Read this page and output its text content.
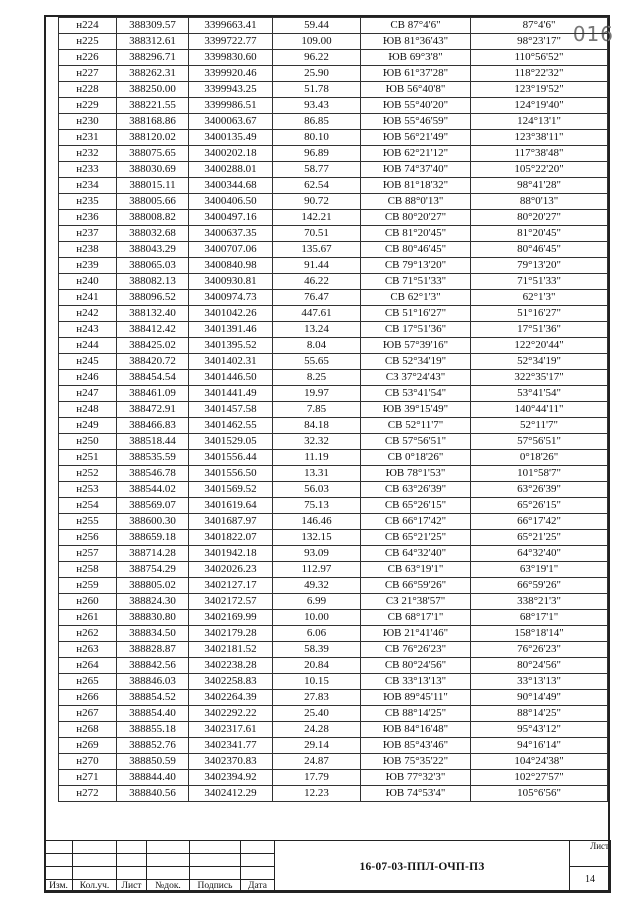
016
н224	388309.57	3399663.41	59.44	СВ 87°4'6"	87°4'6"
н225	388312.61	3399722.77	109.00	ЮВ 81°36'43"	98°23'17"
н226	388296.71	3399830.60	96.22	ЮВ 69°3'8"	110°56'52"
н227	388262.31	3399920.46	25.90	ЮВ 61°37'28"	118°22'32"
н228	388250.00	3399943.25	51.78	ЮВ 56°40'8"	123°19'52"
н229	388221.55	3399986.51	93.43	ЮВ 55°40'20"	124°19'40"
н230	388168.86	3400063.67	86.85	ЮВ 55°46'59"	124°13'1"
н231	388120.02	3400135.49	80.10	ЮВ 56°21'49"	123°38'11"
н232	388075.65	3400202.18	96.89	ЮВ 62°21'12"	117°38'48"
н233	388030.69	3400288.01	58.77	ЮВ 74°37'40"	105°22'20"
н234	388015.11	3400344.68	62.54	ЮВ 81°18'32"	98°41'28"
н235	388005.66	3400406.50	90.72	СВ 88°0'13"	88°0'13"
н236	388008.82	3400497.16	142.21	СВ 80°20'27"	80°20'27"
н237	388032.68	3400637.35	70.51	СВ 81°20'45"	81°20'45"
н238	388043.29	3400707.06	135.67	СВ 80°46'45"	80°46'45"
н239	388065.03	3400840.98	91.44	СВ 79°13'20"	79°13'20"
н240	388082.13	3400930.81	46.22	СВ 71°51'33"	71°51'33"
н241	388096.52	3400974.73	76.47	СВ 62°1'3"	62°1'3"
н242	388132.40	3401042.26	447.61	СВ 51°16'27"	51°16'27"
н243	388412.42	3401391.46	13.24	СВ 17°51'36"	17°51'36"
н244	388425.02	3401395.52	8.04	ЮВ 57°39'16"	122°20'44"
н245	388420.72	3401402.31	55.65	СВ 52°34'19"	52°34'19"
н246	388454.54	3401446.50	8.25	СЗ 37°24'43"	322°35'17"
н247	388461.09	3401441.49	19.97	СВ 53°41'54"	53°41'54"
н248	388472.91	3401457.58	7.85	ЮВ 39°15'49"	140°44'11"
н249	388466.83	3401462.55	84.18	СВ 52°11'7"	52°11'7"
н250	388518.44	3401529.05	32.32	СВ 57°56'51"	57°56'51"
н251	388535.59	3401556.44	11.19	СВ 0°18'26"	0°18'26"
н252	388546.78	3401556.50	13.31	ЮВ 78°1'53"	101°58'7"
н253	388544.02	3401569.52	56.03	СВ 63°26'39"	63°26'39"
н254	388569.07	3401619.64	75.13	СВ 65°26'15"	65°26'15"
н255	388600.30	3401687.97	146.46	СВ 66°17'42"	66°17'42"
н256	388659.18	3401822.07	132.15	СВ 65°21'25"	65°21'25"
н257	388714.28	3401942.18	93.09	СВ 64°32'40"	64°32'40"
н258	388754.29	3402026.23	112.97	СВ 63°19'1"	63°19'1"
н259	388805.02	3402127.17	49.32	СВ 66°59'26"	66°59'26"
н260	388824.30	3402172.57	6.99	СЗ 21°38'57"	338°21'3"
н261	388830.80	3402169.99	10.00	СВ 68°17'1"	68°17'1"
н262	388834.50	3402179.28	6.06	ЮВ 21°41'46"	158°18'14"
н263	388828.87	3402181.52	58.39	СВ 76°26'23"	76°26'23"
н264	388842.56	3402238.28	20.84	СВ 80°24'56"	80°24'56"
н265	388846.03	3402258.83	10.15	СВ 33°13'13"	33°13'13"
н266	388854.52	3402264.39	27.83	ЮВ 89°45'11"	90°14'49"
н267	388854.40	3402292.22	25.40	СВ 88°14'25"	88°14'25"
н268	388855.18	3402317.61	24.28	ЮВ 84°16'48"	95°43'12"
н269	388852.76	3402341.77	29.14	ЮВ 85°43'46"	94°16'14"
н270	388850.59	3402370.83	24.87	ЮВ 75°35'22"	104°24'38"
н271	388844.40	3402394.92	17.79	ЮВ 77°32'3"	102°27'57"
н272	388840.56	3402412.29	12.23	ЮВ 74°53'4"	105°6'56"
						16-07-03-ППЛ-ОЧП-ПЗ	Лист

							14
Изм.	Кол.уч.	Лист	№док.	Подпись	Дата		
